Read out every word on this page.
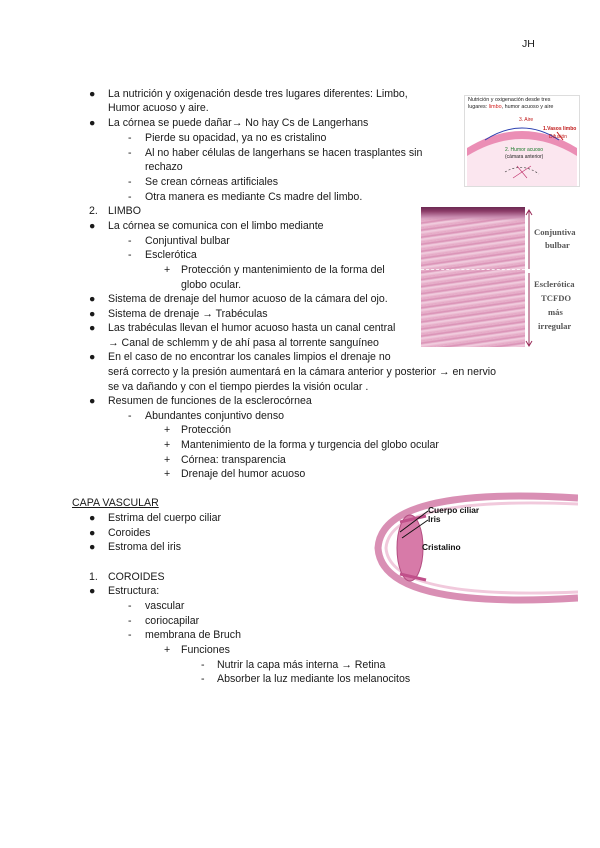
JH
● La nutrición y oxigenación desde tres lugares diferentes: Limbo,
Humor acuoso y aire.
● La córnea se puede dañar→ No hay Cs de Langerhans
- Pierde su opacidad, ya no es cristalino
- Al no haber células de langerhans se hacen trasplantes sin
rechazo
- Se crean córneas artificiales
- Otra manera es mediante Cs madre del limbo.
2. LIMBO
● La córnea se comunica con el limbo mediante
- Conjuntival bulbar
- Esclerótica
+ Protección y mantenimiento de la forma del
globo ocular.
● Sistema de drenaje del humor acuoso de la cámara del ojo.
● Sistema de drenaje → Trabéculas
● Las trabéculas llevan el humor acuoso hasta un canal central
→ Canal de schlemm y de ahí pasa al torrente sanguíneo
● En el caso de no encontrar los canales limpios el drenaje no
será correcto y la presión aumentará en la cámara anterior y posterior → en nervio
se va dañando y con el tiempo pierdes la visión ocular .
● Resumen de funciones de la esclerocórnea
- Abundantes conjuntivo denso
+ Protección
+ Mantenimiento de la forma y turgencia del globo ocular
+ Córnea: transparencia
+ Drenaje del humor acuoso
CAPA VASCULAR
● Estrima del cuerpo ciliar
● Coroides
● Estroma del iris
1. COROIDES
● Estructura:
- vascular
- coriocapilar
- membrana de Bruch
+ Funciones
- Nutrir la capa más interna → Retina
- Absorber la luz mediante los melanocitos
Nutrición y oxigenación desde tres
lugares: limbo, humor acuoso y aire
3. Aire
1.Vasos limbo
Difusión
2. Humor acuoso
(cámara anterior)
Conjuntiva
bulbar
Esclerótica
TCFDO
más
irregular
Cuerpo ciliar
Iris
Cristalino
